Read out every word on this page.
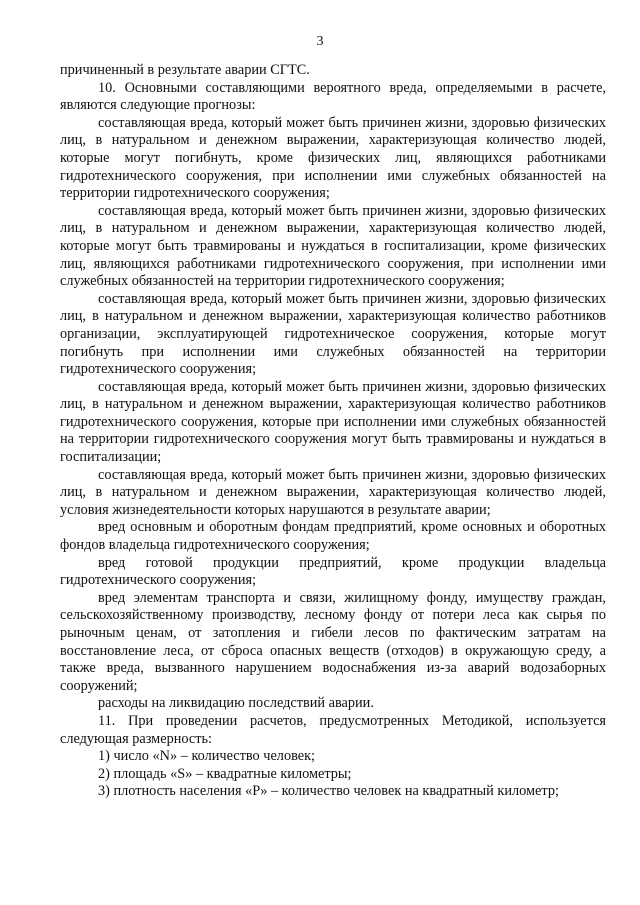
3

причиненный в результате аварии СГТС.

10. Основными составляющими вероятного вреда, определяемыми в расчете, являются следующие прогнозы:

составляющая вреда, который может быть причинен жизни, здоровью физических лиц, в натуральном и денежном выражении, характеризующая количество людей, которые могут погибнуть, кроме физических лиц, являющихся работниками гидротехнического сооружения, при исполнении ими служебных обязанностей на территории гидротехнического сооружения;

составляющая вреда, который может быть причинен жизни, здоровью физических лиц, в натуральном и денежном выражении, характеризующая количество людей, которые могут быть травмированы и нуждаться в госпитализации, кроме физических лиц, являющихся работниками гидротехнического сооружения, при исполнении ими служебных обязанностей на территории гидротехнического сооружения;

составляющая вреда, который может быть причинен жизни, здоровью физических лиц, в натуральном и денежном выражении, характеризующая количество работников организации, эксплуатирующей гидротехническое сооружения, которые могут погибнуть при исполнении ими служебных обязанностей на территории гидротехнического сооружения;

составляющая вреда, который может быть причинен жизни, здоровью физических лиц, в натуральном и денежном выражении, характеризующая количество работников гидротехнического сооружения, которые при исполнении ими служебных обязанностей на территории гидротехнического сооружения могут быть травмированы и нуждаться в госпитализации;

составляющая вреда, который может быть причинен жизни, здоровью физических лиц, в натуральном и денежном выражении, характеризующая количество людей, условия жизнедеятельности которых нарушаются в результате аварии;

вред основным и оборотным фондам предприятий, кроме основных и оборотных фондов владельца гидротехнического сооружения;

вред готовой продукции предприятий, кроме продукции владельца гидротехнического сооружения;

вред элементам транспорта и связи, жилищному фонду, имуществу граждан, сельскохозяйственному производству, лесному фонду от потери леса как сырья по рыночным ценам, от затопления и гибели лесов по фактическим затратам на восстановление леса, от сброса опасных веществ (отходов) в окружающую среду, а также вреда, вызванного нарушением водоснабжения из-за аварий водозаборных сооружений;

расходы на ликвидацию последствий аварии.

11. При проведении расчетов, предусмотренных Методикой, используется следующая размерность:

1) число «N» – количество человек;

2) площадь «S» – квадратные километры;

3) плотность населения «P» – количество человек на квадратный километр;
